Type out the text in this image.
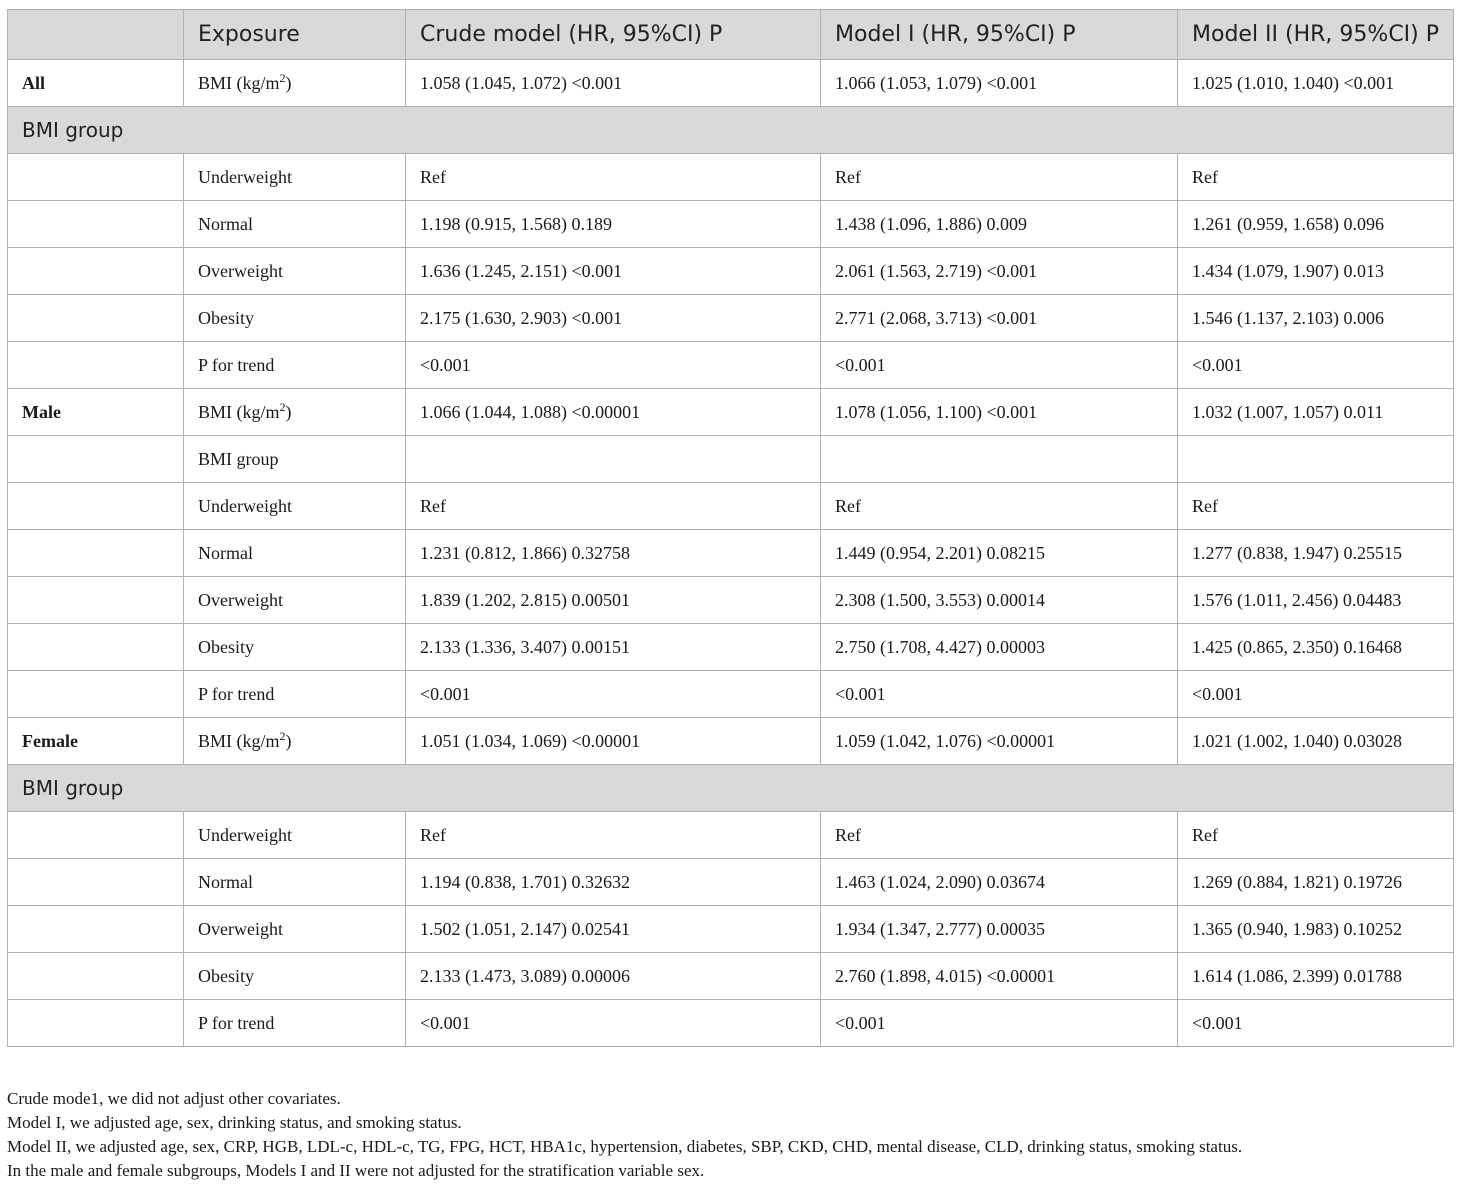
	Exposure	Crude model (HR, 95%CI) P	Model I (HR, 95%CI) P	Model II (HR, 95%CI) P
All	BMI $(kg/m^2)$	1.058 (1.045, 1.072) <0.001	1.066 (1.053, 1.079) <0.001	1.025 (1.010, 1.040) <0.001
BMI group				
	Underweight	Ref	Ref	Ref
	Normal	1.198 (0.915, 1.568) 0.189	1.438 (1.096, 1.886) 0.009	1.261 (0.959, 1.658) 0.096
	Overweight	1.636 (1.245, 2.151) <0.001	2.061 (1.563, 2.719) <0.001	1.434 (1.079, 1.907) 0.013
	Obesity	2.175 (1.630, 2.903) <0.001	2.771 (2.068, 3.713) <0.001	1.546 (1.137, 2.103) 0.006
	P for trend	<0.001	<0.001	<0.001
Male	BMI $(kg/m^2)$	1.066 (1.044, 1.088) <0.00001	1.078 (1.056, 1.100) <0.001	1.032 (1.007, 1.057) 0.011
	BMI group			
	Underweight	Ref	Ref	Ref
	Normal	1.231 (0.812, 1.866) 0.32758	1.449 (0.954, 2.201) 0.08215	1.277 (0.838, 1.947) 0.25515
	Overweight	1.839 (1.202, 2.815) 0.00501	2.308 (1.500, 3.553) 0.00014	1.576 (1.011, 2.456) 0.04483
	Obesity	2.133 (1.336, 3.407) 0.00151	2.750 (1.708, 4.427) 0.00003	1.425 (0.865, 2.350) 0.16468
	P for trend	<0.001	<0.001	<0.001
Female	BMI $(kg/m^2)$	1.051 (1.034, 1.069) <0.00001	1.059 (1.042, 1.076) <0.00001	1.021 (1.002, 1.040) 0.03028
BMI group				
	Underweight	Ref	Ref	Ref
	Normal	1.194 (0.838, 1.701) 0.32632	1.463 (1.024, 2.090) 0.03674	1.269 (0.884, 1.821) 0.19726
	Overweight	1.502 (1.051, 2.147) 0.02541	1.934 (1.347, 2.777) 0.00035	1.365 (0.940, 1.983) 0.10252
	Obesity	2.133 (1.473, 3.089) 0.00006	2.760 (1.898, 4.015) <0.00001	1.614 (1.086, 2.399) 0.01788
	P for trend	<0.001	<0.001	<0.001
Crude mode1, we did not adjust other covariates.
Model I, we adjusted age, sex, drinking status, and smoking status.
Model II, we adjusted age, sex, CRP, HGB, LDL-c, HDL-c, TG, FPG, HCT, HBA1c, hypertension, diabetes, SBP, CKD, CHD, mental disease, CLD, drinking status, smoking status.
In the male and female subgroups, Models I and II were not adjusted for the stratification variable sex.
